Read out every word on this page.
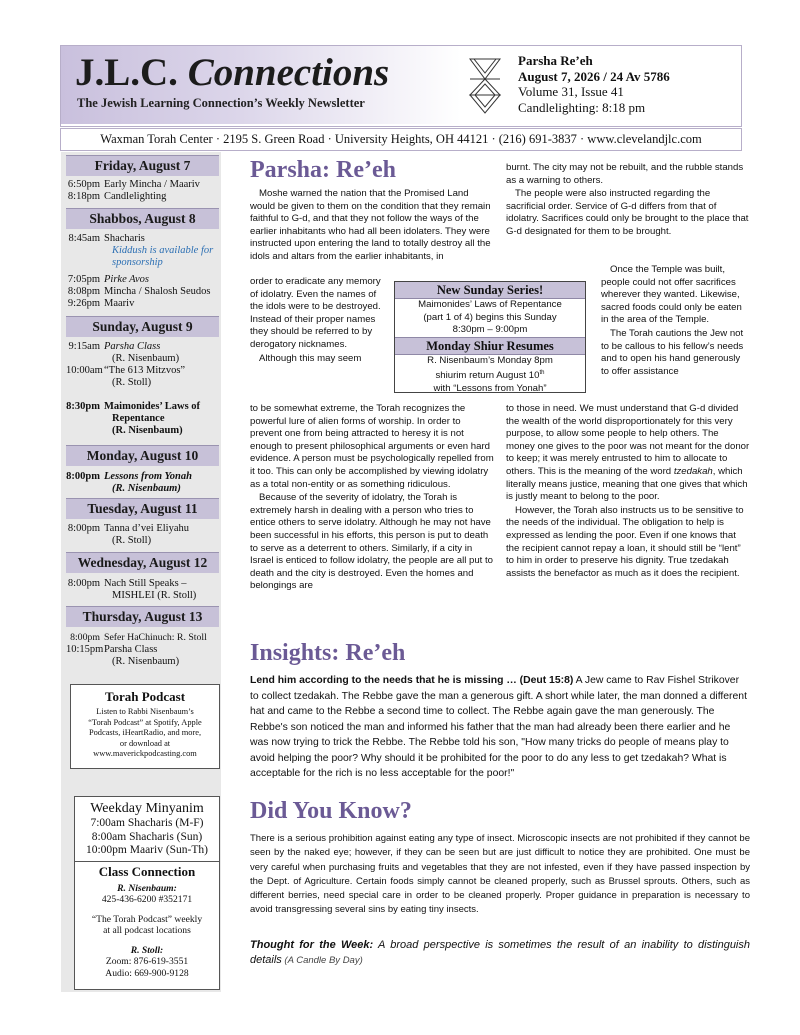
J.L.C. Connections
The Jewish Learning Connection’s Weekly Newsletter
Parsha Re’eh
August 7, 2026 / 24 Av 5786
Volume 31, Issue 41
Candlelighting: 8:18 pm
Waxman Torah Center · 2195 S. Green Road · University Heights, OH 44121 · (216) 691-3837 · www.clevelandjlc.com
Friday, August 7
6:50pm Early Mincha / Maariv
8:18pm Candlelighting
Shabbos, August 8
8:45am Shacharis
Kiddush is available for
sponsorship
7:05pm Pirke Avos
8:08pm Mincha / Shalosh Seudos
9:26pm Maariv
Sunday, August 9
9:15am Parsha Class
(R. Nisenbaum)
10:00am“The 613 Mitzvos”
(R. Stoll)
8:30pm Maimonides’ Laws of
Repentance
(R. Nisenbaum)
Monday, August 10
8:00pm Lessons from Yonah
(R. Nisenbaum)
Tuesday, August 11
8:00pm Tanna d’vei Eliyahu
(R. Stoll)
Wednesday, August 12
8:00pm Nach Still Speaks –
MISHLEI (R. Stoll)
Thursday, August 13
8:00pm Sefer HaChinuch: R. Stoll
10:15pmParsha Class
(R. Nisenbaum)
Torah Podcast
Listen to Rabbi Nisenbaum’s
“Torah Podcast” at Spotify, Apple
Podcasts, iHeartRadio, and more,
or download at
www.maverickpodcasting.com
Weekday Minyanim
7:00am Shacharis (M-F)
8:00am Shacharis (Sun)
10:00pm Maariv (Sun-Th)
Class Connection
R. Nisenbaum:
425-436-6200 #352171
“The Torah Podcast” weekly
at all podcast locations
R. Stoll:
Zoom: 876-619-3551
Audio: 669-900-9128
Parsha: Re’eh

Moshe warned the nation that the Promised Land would be given to them on the condition that they remain faithful to G-d, and that they not follow the ways of the earlier inhabitants who had all been idolaters. They were instructed upon entering the land to totally destroy all the idols and altars from the earlier inhabitants, in

order to eradicate any memory of idolatry. Even the names of the idols were to be destroyed. Instead of their proper names they should be referred to by derogatory nicknames.

Although this may seem

to be somewhat extreme, the Torah recognizes the powerful lure of alien forms of worship. In order to prevent one from being attracted to heresy it is not enough to present philosophical arguments or even hard evidence. A person must be psychologically repelled from it too. This can only be accomplished by viewing idolatry as a total non-entity or as something ridiculous.

Because of the severity of idolatry, the Torah is extremely harsh in dealing with a person who tries to entice others to serve idolatry. Although he may not have been successful in his efforts, this person is put to death to serve as a deterrent to others. Similarly, if a city in Israel is enticed to follow idolatry, the people are all put to death and the city is destroyed. Even the homes and belongings are

burnt. The city may not be rebuilt, and the rubble stands as a warning to others.

The people were also instructed regarding the sacrificial order. Service of G-d differs from that of idolatry. Sacrifices could only be brought to the place that G-d designated for them to be brought.

Once the Temple was built, people could not offer sacrifices wherever they wanted. Likewise, sacred foods could only be eaten in the area of the Temple.

The Torah cautions the Jew not to be callous to his fellow’s needs and to open his hand generously to offer assistance

to those in need. We must understand that G-d divided the wealth of the world disproportionately for this very purpose, to allow some people to help others. The money one gives to the poor was not meant for the donor to keep; it was merely entrusted to him to allocate to others. This is the meaning of the word tzedakah, which literally means justice, meaning that one gives that which is justly meant to belong to the poor.

However, the Torah also instructs us to be sensitive to the needs of the individual. The obligation to help is expressed as lending the poor. Even if one knows that the recipient cannot repay a loan, it should still be “lent” to him in order to preserve his dignity. True tzedakah assists the benefactor as much as it does the recipient.

New Sunday Series!
Maimonides’ Laws of Repentance
(part 1 of 4) begins this Sunday
8:30pm – 9:00pm
Monday Shiur Resumes
R. Nisenbaum’s Monday 8pm
shiurim return August 10th
with “Lessons from Yonah”
Insights: Re’eh
Lend him according to the needs that he is missing … (Deut 15:8) A Jew came to Rav Fishel Strikover to collect tzedakah. The Rebbe gave the man a generous gift. A short while later, the man donned a different hat and came to the Rebbe a second time to collect. The Rebbe again gave the man generously. The Rebbe's son noticed the man and informed his father that the man had already been there earlier and he was now trying to trick the Rebbe. The Rebbe told his son, "How many tricks do people of means play to avoid helping the poor? Why should it be prohibited for the poor to do any less to get tzedakah? What is acceptable for the rich is no less acceptable for the poor!"
Did You Know?
There is a serious prohibition against eating any type of insect. Microscopic insects are not prohibited if they cannot be seen by the naked eye; however, if they can be seen but are just difficult to notice they are prohibited. One must be very careful when purchasing fruits and vegetables that they are not infested, even if they have passed inspection by the Dept. of Agriculture. Certain foods simply cannot be cleaned properly, such as Brussel sprouts. Others, such as different berries, need special care in order to be cleaned properly. Proper guidance in preparation is necessary to avoid transgressing several sins by eating tiny insects.
Thought for the Week: A broad perspective is sometimes the result of an inability to distinguish details (A Candle By Day)
